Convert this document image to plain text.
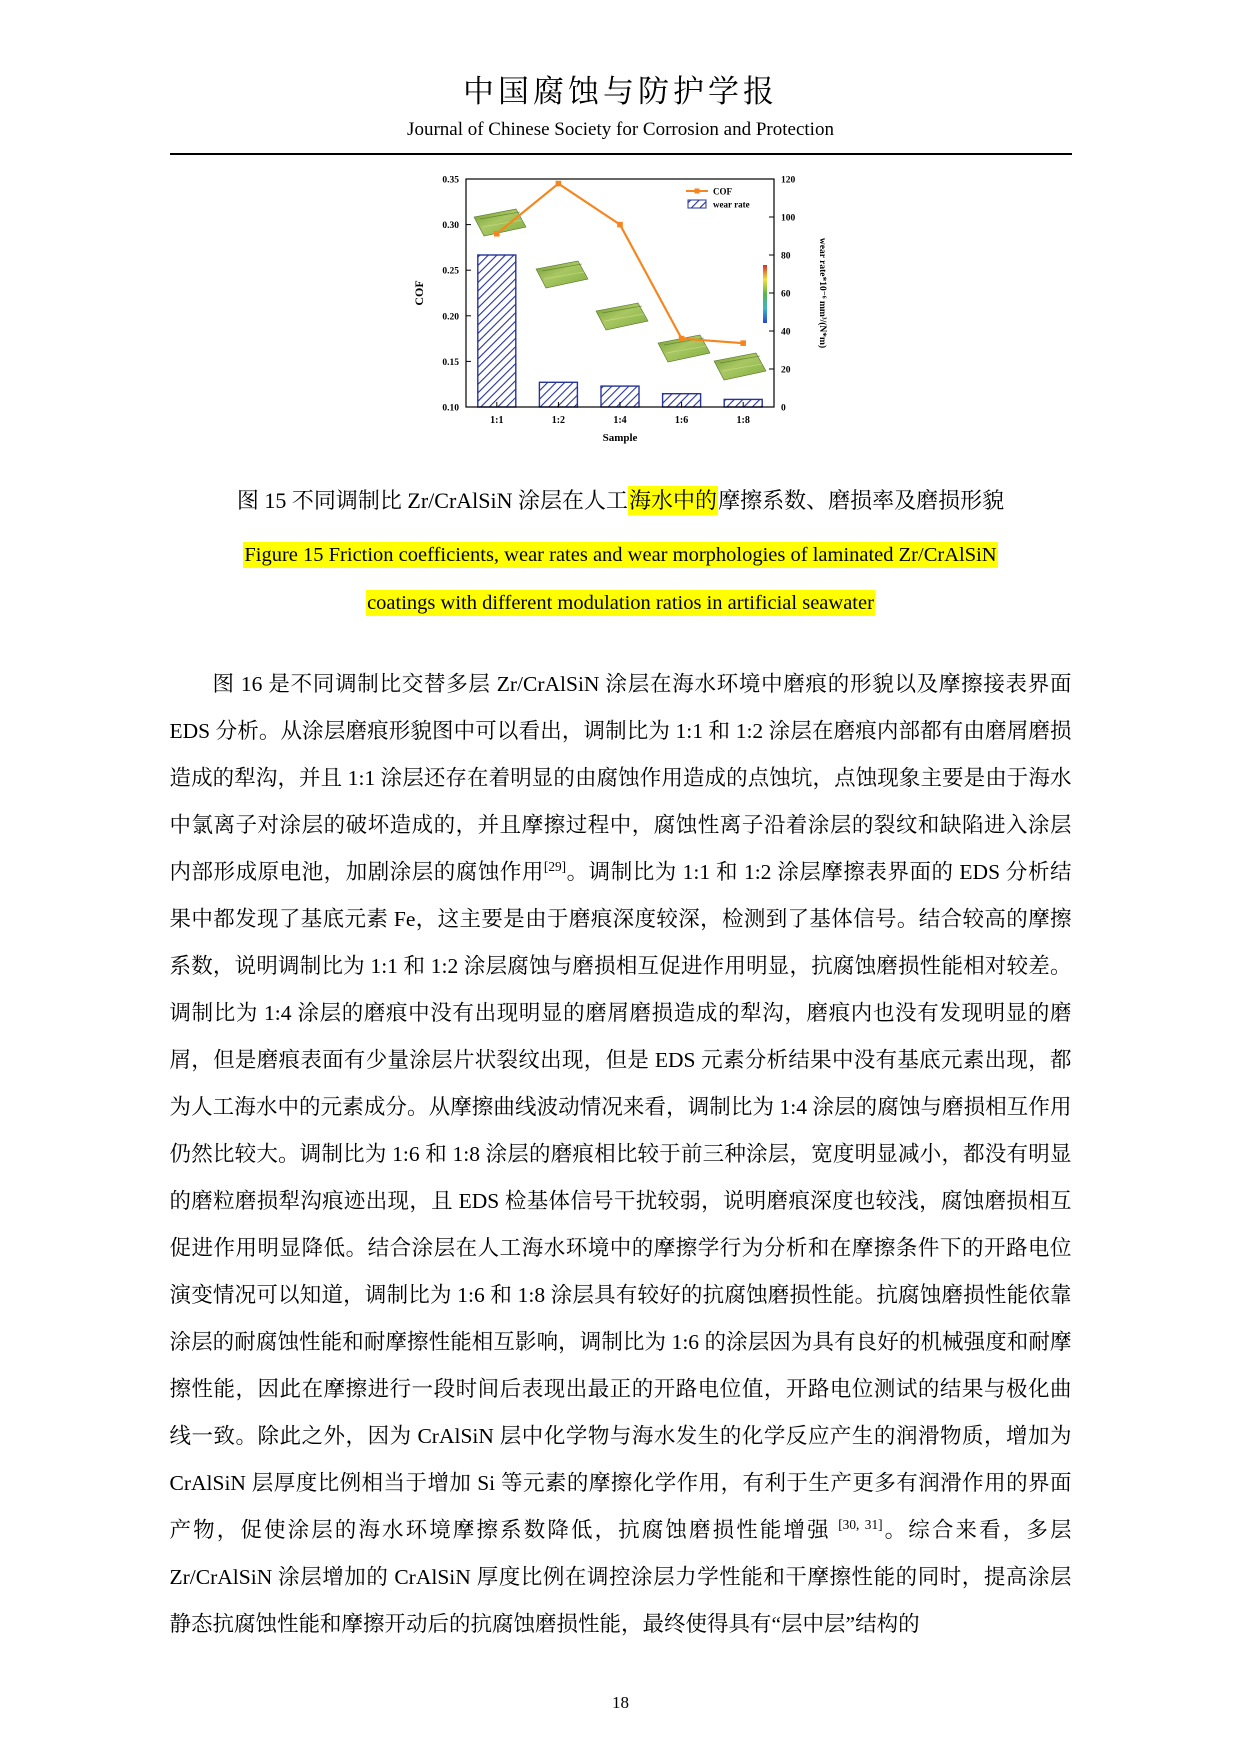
中国腐蚀与防护学报
Journal of Chinese Society for Corrosion and Protection
0.10
0.15
0.20
0.25
0.30
0.35
0
20
40
60
80
100
120
1:1	1:2	1:4	1:6	1:8
COF
wear rate
COF	wear rate*10⁻⁶ mm³/(N*m)
Sample
图 15 不同调制比 Zr/CrAlSiN 涂层在人工海水中的摩擦系数、磨损率及磨损形貌
Figure 15 Friction coefficients, wear rates and wear morphologies of laminated Zr/CrAlSiN
coatings with different modulation ratios in artificial seawater

图 16 是不同调制比交替多层 Zr/CrAlSiN 涂层在海水环境中磨痕的形貌以及摩擦接表界面 EDS 分析。从涂层磨痕形貌图中可以看出，调制比为 1:1 和 1:2 涂层在磨痕内部都有由磨屑磨损造成的犁沟，并且 1:1 涂层还存在着明显的由腐蚀作用造成的点蚀坑，点蚀现象主要是由于海水中氯离子对涂层的破坏造成的，并且摩擦过程中，腐蚀性离子沿着涂层的裂纹和缺陷进入涂层内部形成原电池，加剧涂层的腐蚀作用[29]。调制比为 1:1 和 1:2 涂层摩擦表界面的 EDS 分析结果中都发现了基底元素 Fe，这主要是由于磨痕深度较深，检测到了基体信号。结合较高的摩擦系数，说明调制比为 1:1 和 1:2 涂层腐蚀与磨损相互促进作用明显，抗腐蚀磨损性能相对较差。调制比为 1:4 涂层的磨痕中没有出现明显的磨屑磨损造成的犁沟，磨痕内也没有发现明显的磨屑，但是磨痕表面有少量涂层片状裂纹出现，但是 EDS 元素分析结果中没有基底元素出现，都为人工海水中的元素成分。从摩擦曲线波动情况来看，调制比为 1:4 涂层的腐蚀与磨损相互作用仍然比较大。调制比为 1:6 和 1:8 涂层的磨痕相比较于前三种涂层，宽度明显减小，都没有明显的磨粒磨损犁沟痕迹出现，且 EDS 检基体信号干扰较弱，说明磨痕深度也较浅，腐蚀磨损相互促进作用明显降低。结合涂层在人工海水环境中的摩擦学行为分析和在摩擦条件下的开路电位演变情况可以知道，调制比为 1:6 和 1:8 涂层具有较好的抗腐蚀磨损性能。抗腐蚀磨损性能依靠涂层的耐腐蚀性能和耐摩擦性能相互影响，调制比为 1:6 的涂层因为具有良好的机械强度和耐摩擦性能，因此在摩擦进行一段时间后表现出最正的开路电位值，开路电位测试的结果与极化曲线一致。除此之外，因为 CrAlSiN 层中化学物与海水发生的化学反应产生的润滑物质，增加为 CrAlSiN 层厚度比例相当于增加 Si 等元素的摩擦化学作用，有利于生产更多有润滑作用的界面产物，促使涂层的海水环境摩擦系数降低，抗腐蚀磨损性能增强 [30, 31]。综合来看，多层 Zr/CrAlSiN 涂层增加的 CrAlSiN 厚度比例在调控涂层力学性能和干摩擦性能的同时，提高涂层静态抗腐蚀性能和摩擦开动后的抗腐蚀磨损性能，最终使得具有“层中层”结构的

18
